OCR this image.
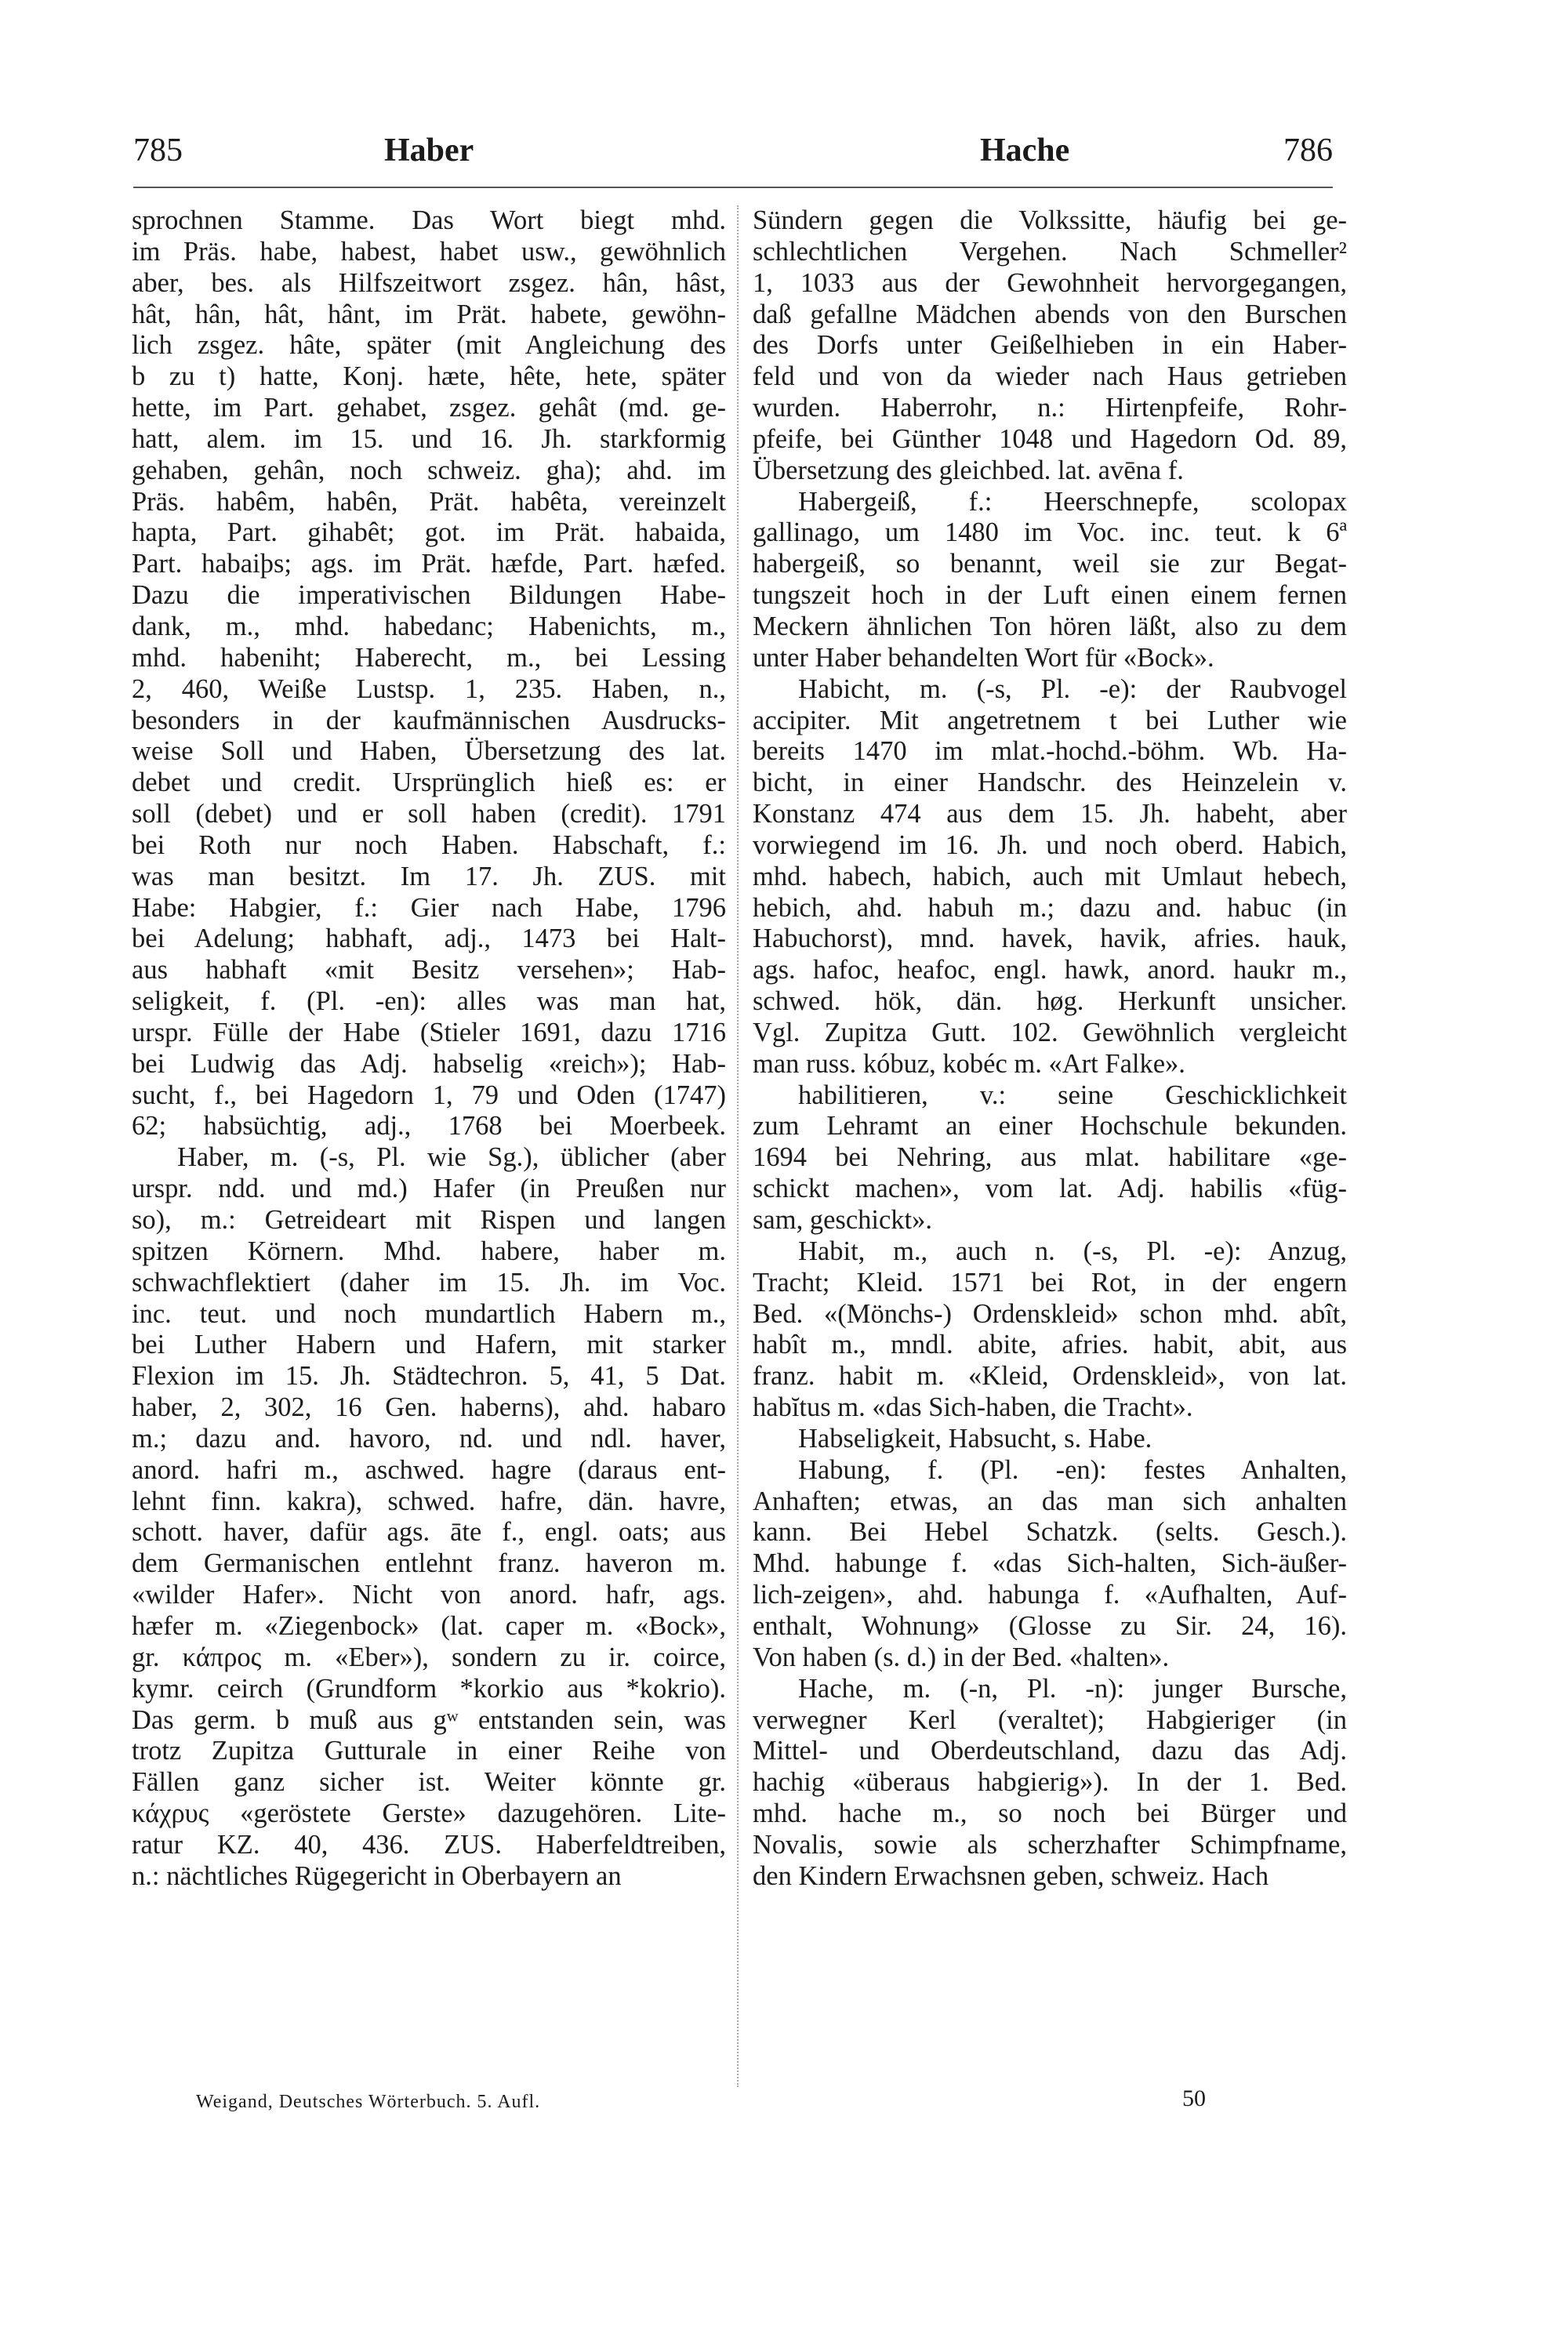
785	Haber	Hache	786
sprochnen Stamme. Das Wort biegt mhd.
im Präs. habe, habest, habet usw., gewöhnlich
aber, bes. als Hilfszeitwort zsgez. hân, hâst,
hât, hân, hât, hânt, im Prät. habete, gewöhn-
lich zsgez. hâte, später (mit Angleichung des
b zu t) hatte, Konj. hæte, hête, hete, später
hette, im Part. gehabet, zsgez. gehât (md. ge-
hatt, alem. im 15. und 16. Jh. starkformig
gehaben, gehân, noch schweiz. gha); ahd. im
Präs. habêm, habên, Prät. habêta, vereinzelt
hapta, Part. gihabêt; got. im Prät. habaida,
Part. habaiþs; ags. im Prät. hæfde, Part. hæfed.
Dazu die imperativischen Bildungen Habe-
dank, m., mhd. habedanc; Habenichts, m.,
mhd. habeniht; Haberecht, m., bei Lessing
2, 460, Weiße Lustsp. 1, 235. Haben, n.,
besonders in der kaufmännischen Ausdrucks-
weise Soll und Haben, Übersetzung des lat.
debet und credit. Ursprünglich hieß es: er
soll (debet) und er soll haben (credit). 1791
bei Roth nur noch Haben. Habschaft, f.:
was man besitzt. Im 17. Jh. ZUS. mit
Habe: Habgier, f.: Gier nach Habe, 1796
bei Adelung; habhaft, adj., 1473 bei Halt-
aus habhaft «mit Besitz versehen»; Hab-
seligkeit, f. (Pl. -en): alles was man hat,
urspr. Fülle der Habe (Stieler 1691, dazu 1716
bei Ludwig das Adj. habselig «reich»); Hab-
sucht, f., bei Hagedorn 1, 79 und Oden (1747)
62; habsüchtig, adj., 1768 bei Moerbeek.
Haber, m. (-s, Pl. wie Sg.), üblicher (aber
urspr. ndd. und md.) Hafer (in Preußen nur
so), m.: Getreideart mit Rispen und langen
spitzen Körnern. Mhd. habere, haber m.
schwachflektiert (daher im 15. Jh. im Voc.
inc. teut. und noch mundartlich Habern m.,
bei Luther Habern und Hafern, mit starker
Flexion im 15. Jh. Städtechron. 5, 41, 5 Dat.
haber, 2, 302, 16 Gen. haberns), ahd. habaro
m.; dazu and. havoro, nd. und ndl. haver,
anord. hafri m., aschwed. hagre (daraus ent-
lehnt finn. kakra), schwed. hafre, dän. havre,
schott. haver, dafür ags. āte f., engl. oats; aus
dem Germanischen entlehnt franz. haveron m.
«wilder Hafer». Nicht von anord. hafr, ags.
hæfer m. «Ziegenbock» (lat. caper m. «Bock»,
gr. κάπρος m. «Eber»), sondern zu ir. coirce,
kymr. ceirch (Grundform *korkio aus *kokrio).
Das germ. b muß aus gʷ entstanden sein, was
trotz Zupitza Gutturale in einer Reihe von
Fällen ganz sicher ist. Weiter könnte gr.
κάχρυς «geröstete Gerste» dazugehören. Lite-
ratur KZ. 40, 436. ZUS. Haberfeldtreiben,
n.: nächtliches Rügegericht in Oberbayern an
Sündern gegen die Volkssitte, häufig bei ge-
schlechtlichen Vergehen. Nach Schmeller²
1, 1033 aus der Gewohnheit hervorgegangen,
daß gefallne Mädchen abends von den Burschen
des Dorfs unter Geißelhieben in ein Haber-
feld und von da wieder nach Haus getrieben
wurden. Haberrohr, n.: Hirtenpfeife, Rohr-
pfeife, bei Günther 1048 und Hagedorn Od. 89,
Übersetzung des gleichbed. lat. avēna f.
Habergeiß, f.: Heerschnepfe, scolopax
gallinago, um 1480 im Voc. inc. teut. k 6ª
habergeiß, so benannt, weil sie zur Begat-
tungszeit hoch in der Luft einen einem fernen
Meckern ähnlichen Ton hören läßt, also zu dem
unter Haber behandelten Wort für «Bock».
Habicht, m. (-s, Pl. -e): der Raubvogel
accipiter. Mit angetretnem t bei Luther wie
bereits 1470 im mlat.-hochd.-böhm. Wb. Ha-
bicht, in einer Handschr. des Heinzelein v.
Konstanz 474 aus dem 15. Jh. habeht, aber
vorwiegend im 16. Jh. und noch oberd. Habich,
mhd. habech, habich, auch mit Umlaut hebech,
hebich, ahd. habuh m.; dazu and. habuc (in
Habuchorst), mnd. havek, havik, afries. hauk,
ags. hafoc, heafoc, engl. hawk, anord. haukr m.,
schwed. hök, dän. høg. Herkunft unsicher.
Vgl. Zupitza Gutt. 102. Gewöhnlich vergleicht
man russ. kóbuz, kobéc m. «Art Falke».
habilitieren, v.: seine Geschicklichkeit
zum Lehramt an einer Hochschule bekunden.
1694 bei Nehring, aus mlat. habilitare «ge-
schickt machen», vom lat. Adj. habilis «füg-
sam, geschickt».
Habit, m., auch n. (-s, Pl. -e): Anzug,
Tracht; Kleid. 1571 bei Rot, in der engern
Bed. «(Mönchs-) Ordenskleid» schon mhd. abît,
habît m., mndl. abite, afries. habit, abit, aus
franz. habit m. «Kleid, Ordenskleid», von lat.
habĭtus m. «das Sich-haben, die Tracht».
Habseligkeit, Habsucht, s. Habe.
Habung, f. (Pl. -en): festes Anhalten,
Anhaften; etwas, an das man sich anhalten
kann. Bei Hebel Schatzk. (selts. Gesch.).
Mhd. habunge f. «das Sich-halten, Sich-äußer-
lich-zeigen», ahd. habunga f. «Aufhalten, Auf-
enthalt, Wohnung» (Glosse zu Sir. 24, 16).
Von haben (s. d.) in der Bed. «halten».
Hache, m. (-n, Pl. -n): junger Bursche,
verwegner Kerl (veraltet); Habgieriger (in
Mittel- und Oberdeutschland, dazu das Adj.
hachig «überaus habgierig»). In der 1. Bed.
mhd. hache m., so noch bei Bürger und
Novalis, sowie als scherzhafter Schimpfname,
den Kindern Erwachsnen geben, schweiz. Hach
Weigand, Deutsches Wörterbuch. 5. Aufl.	50
